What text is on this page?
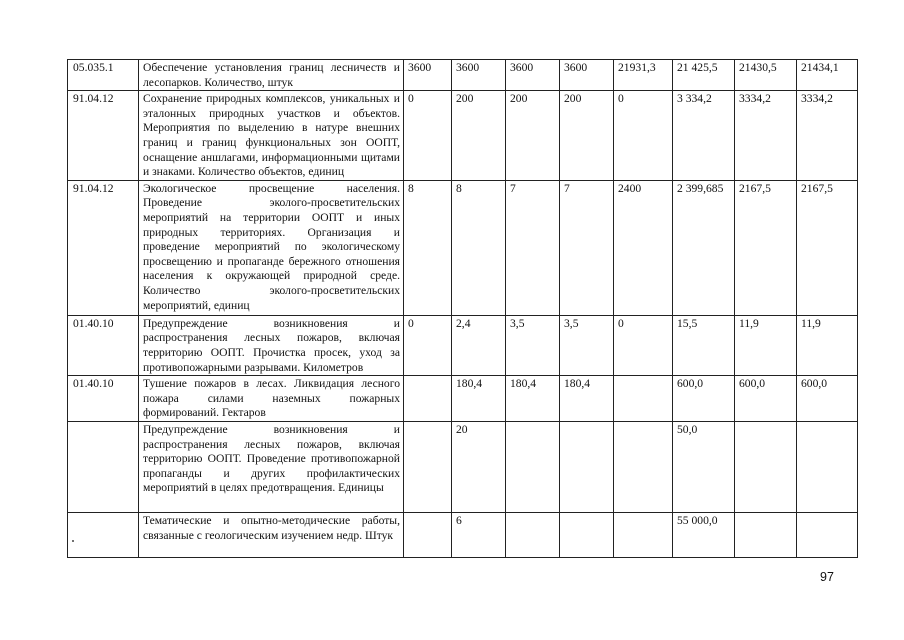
05.035.1	Обеспечение установления границ лесничеств и лесопарков. Количество, штук	3600	3600	3600	3600	21931,3	21 425,5	21430,5	21434,1
91.04.12	Сохранение природных комплексов, уникальных и эталонных природных участков и объектов. Мероприятия по выделению в натуре внешних границ и границ функциональных зон ООПТ, оснащение аншлагами, информационными щитами и знаками. Количество объектов, единиц	0	200	200	200	0	3 334,2	3334,2	3334,2
91.04.12	Экологическое просвещение населения. Проведение эколого-просветительских мероприятий на территории ООПТ и иных природных территориях. Организация и проведение мероприятий по экологическому просвещению и пропаганде бережного отношения населения к окружающей природной среде. Количество эколого-просветительских мероприятий, единиц	8	8	7	7	2400	2 399,685	2167,5	2167,5
01.40.10	Предупреждение возникновения и распространения лесных пожаров, включая территорию ООПТ. Прочистка просек, уход за противопожарными разрывами. Километров	0	2,4	3,5	3,5	0	15,5	11,9	11,9
01.40.10	Тушение пожаров в лесах. Ликвидация лесного пожара силами наземных пожарных формирований. Гектаров		180,4	180,4	180,4		600,0	600,0	600,0
	Предупреждение возникновения и распространения лесных пожаров, включая территорию ООПТ. Проведение противопожарной пропаганды и других профилактических мероприятий в целях предотвращения. Единицы		20				50,0		
	Тематические и опытно-методические работы, связанные с геологическим изучением недр. Штук		6				55 000,0		
97
